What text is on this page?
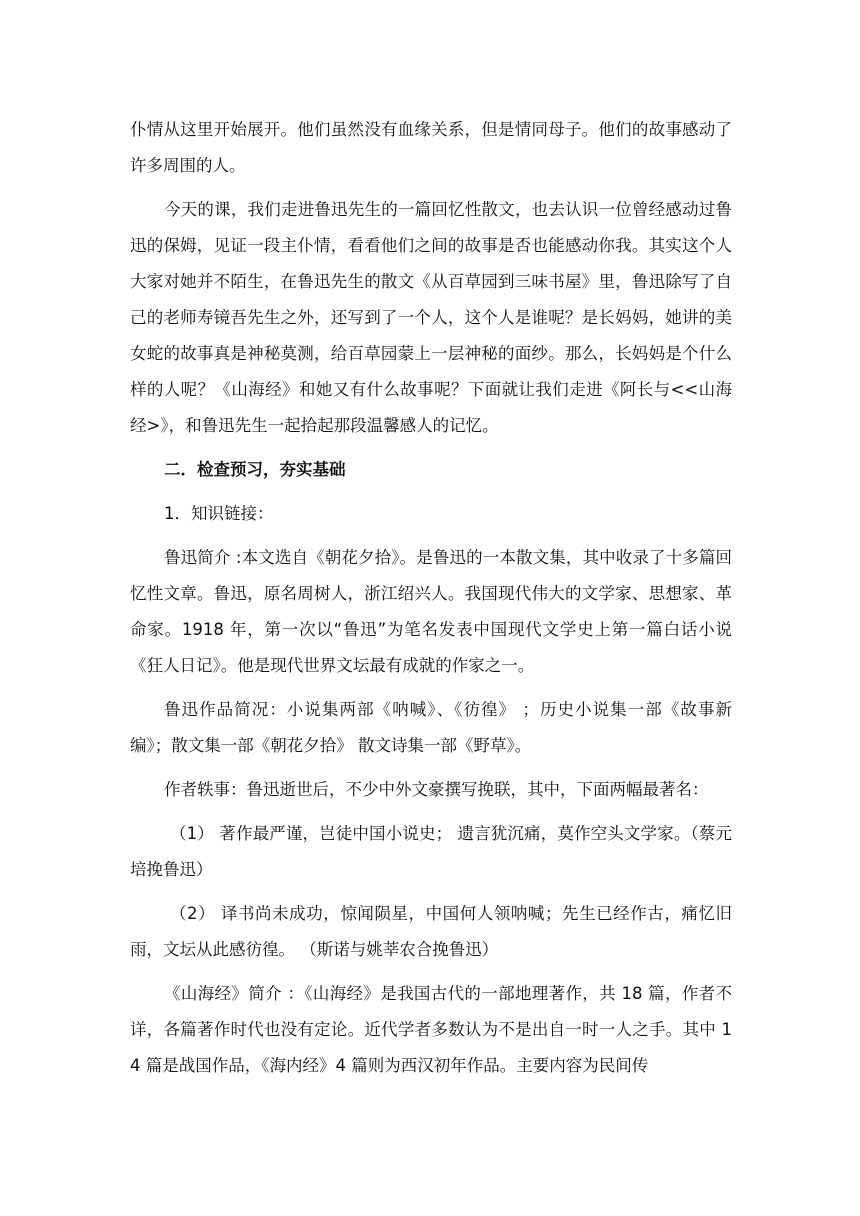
仆情从这里开始展开。他们虽然没有血缘关系，但是情同母子。他们的故事感动了许多周围的人。

今天的课，我们走进鲁迅先生的一篇回忆性散文，也去认识一位曾经感动过鲁迅的保姆，见证一段主仆情，看看他们之间的故事是否也能感动你我。其实这个人大家对她并不陌生，在鲁迅先生的散文《从百草园到三味书屋》里，鲁迅除写了自己的老师寿镜吾先生之外，还写到了一个人，这个人是谁呢？是长妈妈，她讲的美女蛇的故事真是神秘莫测，给百草园蒙上一层神秘的面纱。那么，长妈妈是个什么样的人呢？《山海经》和她又有什么故事呢？下面就让我们走进《阿长与<<山海经>》，和鲁迅先生一起拾起那段温馨感人的记忆。

二．检查预习，夯实基础

1．知识链接：

鲁迅简介 :本文选自《朝花夕拾》。是鲁迅的一本散文集，其中收录了十多篇回忆性文章。鲁迅，原名周树人，浙江绍兴人。我国现代伟大的文学家、思想家、革命家。1918 年，第一次以“鲁迅”为笔名发表中国现代文学史上第一篇白话小说《狂人日记》。他是现代世界文坛最有成就的作家之一。

鲁迅作品简况：小说集两部《呐喊》、《彷徨》 ；历史小说集一部《故事新编》；散文集一部《朝花夕拾》 散文诗集一部《野草》。

作者轶事：鲁迅逝世后，不少中外文豪撰写挽联，其中，下面两幅最著名：

（1） 著作最严谨，岂徒中国小说史； 遗言犹沉痛，莫作空头文学家。（蔡元培挽鲁迅）

（2） 译书尚未成功，惊闻陨星，中国何人领呐喊；先生已经作古，痛忆旧雨，文坛从此感彷徨。 （斯诺与姚莘农合挽鲁迅）

《山海经》简介 ：《山海经》是我国古代的一部地理著作，共 18 篇，作者不详，各篇著作时代也没有定论。近代学者多数认为不是出自一时一人之手。其中 14 篇是战国作品，《海内经》4 篇则为西汉初年作品。主要内容为民间传
